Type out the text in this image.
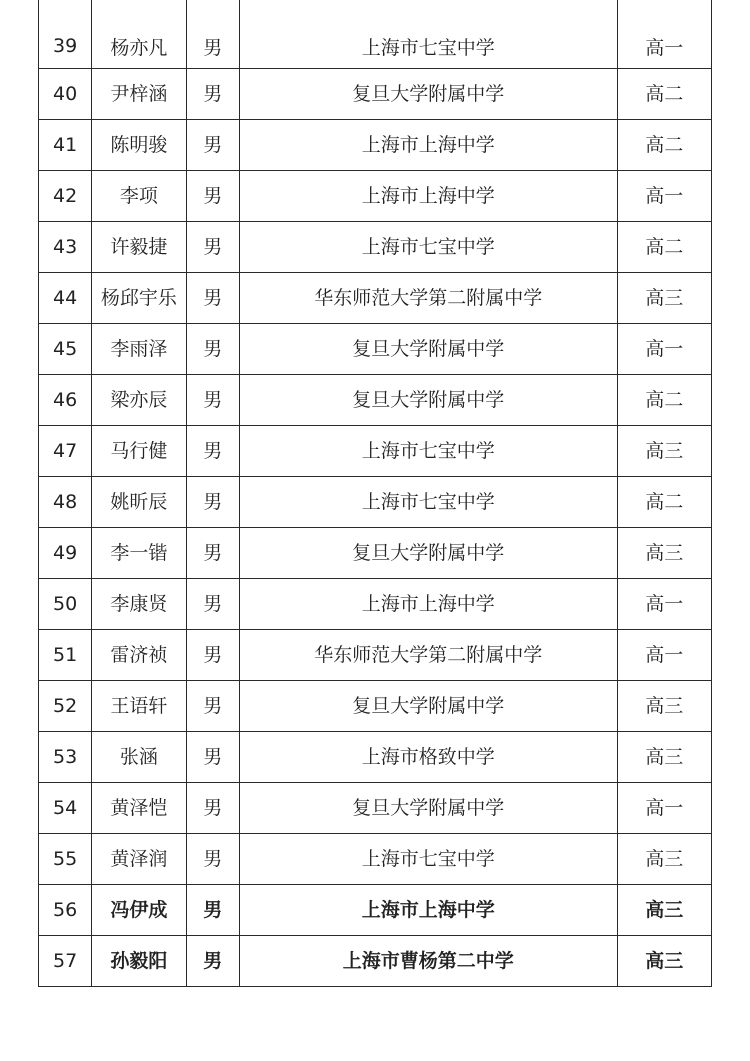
39	杨亦凡	男	上海市七宝中学	高一
40	尹梓涵	男	复旦大学附属中学	高二
41	陈明骏	男	上海市上海中学	高二
42	李项	男	上海市上海中学	高一
43	许毅捷	男	上海市七宝中学	高二
44	杨邱宇乐	男	华东师范大学第二附属中学	高三
45	李雨泽	男	复旦大学附属中学	高一
46	梁亦辰	男	复旦大学附属中学	高二
47	马行健	男	上海市七宝中学	高三
48	姚昕辰	男	上海市七宝中学	高二
49	李一锴	男	复旦大学附属中学	高三
50	李康贤	男	上海市上海中学	高一
51	雷济祯	男	华东师范大学第二附属中学	高一
52	王语轩	男	复旦大学附属中学	高三
53	张涵	男	上海市格致中学	高三
54	黄泽恺	男	复旦大学附属中学	高一
55	黄泽润	男	上海市七宝中学	高三
56	冯伊成	男	上海市上海中学	高三
57	孙毅阳	男	上海市曹杨第二中学	高三
